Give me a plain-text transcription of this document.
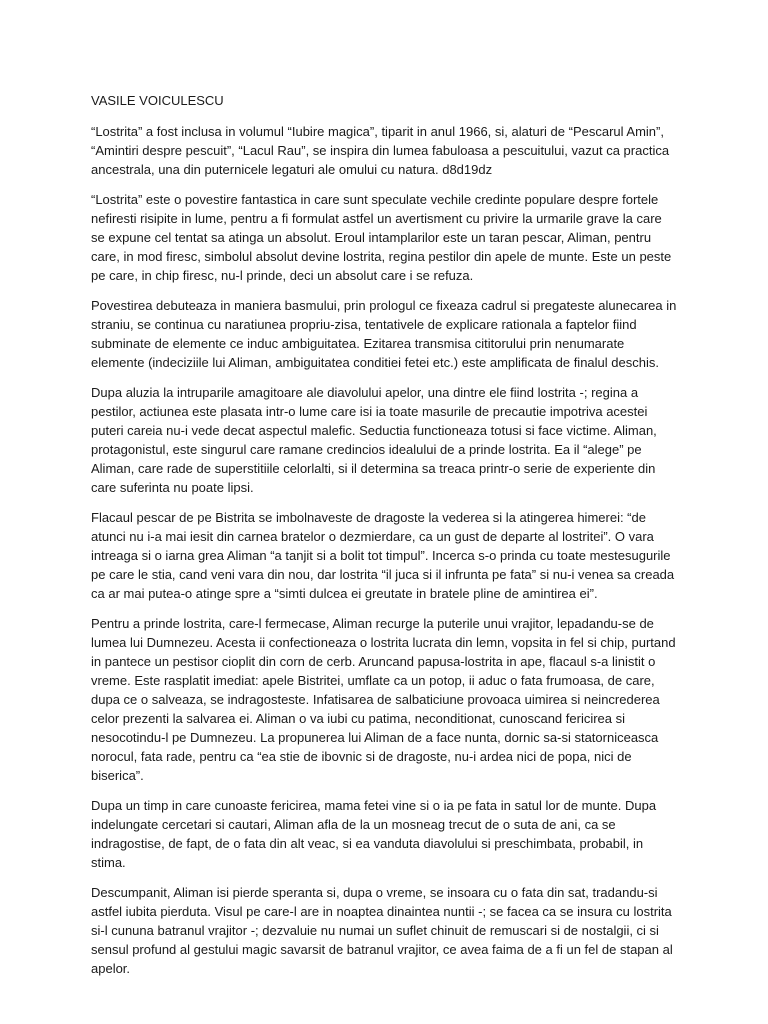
VASILE VOICULESCU

“Lostrita” a fost inclusa in volumul “Iubire magica”, tiparit in anul 1966, si, alaturi de “Pescarul Amin”, “Amintiri despre pescuit”, “Lacul Rau”, se inspira din lumea fabuloasa a pescuitului, vazut ca practica ancestrala, una din puternicele legaturi ale omului cu natura. d8d19dz

“Lostrita” este o povestire fantastica in care sunt speculate vechile credinte populare despre fortele nefiresti risipite in lume, pentru a fi formulat astfel un avertisment cu privire la urmarile grave la care se expune cel tentat sa atinga un absolut. Eroul intamplarilor este un taran pescar, Aliman, pentru care, in mod firesc, simbolul absolut devine lostrita, regina pestilor din apele de munte. Este un peste pe care, in chip firesc, nu-l prinde, deci un absolut care i se refuza.

Povestirea debuteaza in maniera basmului, prin prologul ce fixeaza cadrul si pregateste alunecarea in straniu, se continua cu naratiunea propriu-zisa, tentativele de explicare rationala a faptelor fiind subminate de elemente ce induc ambiguitatea. Ezitarea transmisa cititorului prin nenumarate elemente (indeciziile lui Aliman, ambiguitatea conditiei fetei etc.) este amplificata de finalul deschis.

Dupa aluzia la intruparile amagitoare ale diavolului apelor, una dintre ele fiind lostrita -; regina a pestilor, actiunea este plasata intr-o lume care isi ia toate masurile de precautie impotriva acestei puteri careia nu-i vede decat aspectul malefic. Seductia functioneaza totusi si face victime. Aliman, protagonistul, este singurul care ramane credincios idealului de a prinde lostrita. Ea il “alege” pe Aliman, care rade de superstitiile celorlalti, si il determina sa treaca printr-o serie de experiente din care suferinta nu poate lipsi.

Flacaul pescar de pe Bistrita se imbolnaveste de dragoste la vederea si la atingerea himerei: “de atunci nu i-a mai iesit din carnea bratelor o dezmierdare, ca un gust de departe al lostritei”. O vara intreaga si o iarna grea Aliman “a tanjit si a bolit tot timpul”. Incerca s-o prinda cu toate mestesugurile pe care le stia, cand veni vara din nou, dar lostrita “il juca si il infrunta pe fata” si nu-i venea sa creada ca ar mai putea-o atinge spre a “simti dulcea ei greutate in bratele pline de amintirea ei”.

Pentru a prinde lostrita, care-l fermecase, Aliman recurge la puterile unui vrajitor, lepadandu-se de lumea lui Dumnezeu. Acesta ii confectioneaza o lostrita lucrata din lemn, vopsita in fel si chip, purtand in pantece un pestisor cioplit din corn de cerb. Aruncand papusa-lostrita in ape, flacaul s-a linistit o vreme. Este rasplatit imediat: apele Bistritei, umflate ca un potop, ii aduc o fata frumoasa, de care, dupa ce o salveaza, se indragosteste. Infatisarea de salbaticiune provoaca uimirea si neincrederea celor prezenti la salvarea ei. Aliman o va iubi cu patima, neconditionat, cunoscand fericirea si nesocotindu-l pe Dumnezeu. La propunerea lui Aliman de a face nunta, dornic sa-si statorniceasca norocul, fata rade, pentru ca “ea stie de ibovnic si de dragoste, nu-i ardea nici de popa, nici de biserica”.

Dupa un timp in care cunoaste fericirea, mama fetei vine si o ia pe fata in satul lor de munte. Dupa indelungate cercetari si cautari, Aliman afla de la un mosneag trecut de o suta de ani, ca se indragostise, de fapt, de o fata din alt veac, si ea vanduta diavolului si preschimbata, probabil, in stima.

Descumpanit, Aliman isi pierde speranta si, dupa o vreme, se insoara cu o fata din sat, tradandu-si astfel iubita pierduta. Visul pe care-l are in noaptea dinaintea nuntii -; se facea ca se insura cu lostrita si-l cununa batranul vrajitor -; dezvaluie nu numai un suflet chinuit de remuscari si de nostalgii, ci si sensul profund al gestului magic savarsit de batranul vrajitor, ce avea faima de a fi un fel de stapan al apelor.
